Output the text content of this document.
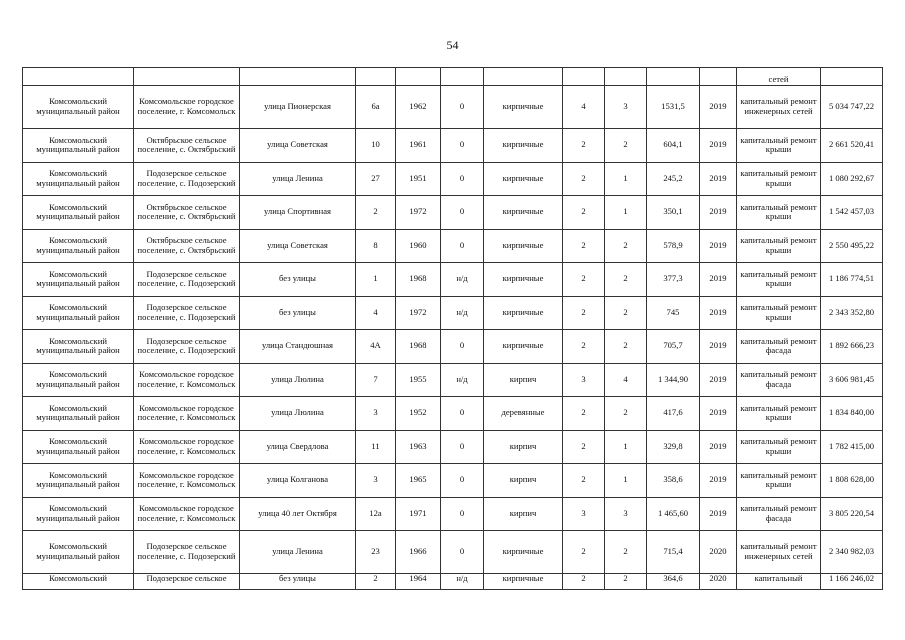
54
											сетей	
Комсомольский муниципальный район	Комсомольское городское поселение, г. Комсомольск	улица Пионерская	6а	1962	0	кирпичные	4	3	1531,5	2019	капитальный ремонт инженерных сетей	5 034 747,22
Комсомольский муниципальный район	Октябрьское сельское поселение, с. Октябрьский	улица Советская	10	1961	0	кирпичные	2	2	604,1	2019	капитальный ремонт крыши	2 661 520,41
Комсомольский муниципальный район	Подозерское сельское поселение, с. Подозерский	улица Ленина	27	1951	0	кирпичные	2	1	245,2	2019	капитальный ремонт крыши	1 080 292,67
Комсомольский муниципальный район	Октябрьское сельское поселение, с. Октябрьский	улица Спортивная	2	1972	0	кирпичные	2	1	350,1	2019	капитальный ремонт крыши	1 542 457,03
Комсомольский муниципальный район	Октябрьское сельское поселение, с. Октябрьский	улица Советская	8	1960	0	кирпичные	2	2	578,9	2019	капитальный ремонт крыши	2 550 495,22
Комсомольский муниципальный район	Подозерское сельское поселение, с. Подозерский	без улицы	1	1968	н/д	кирпичные	2	2	377,3	2019	капитальный ремонт крыши	1 186 774,51
Комсомольский муниципальный район	Подозерское сельское поселение, с. Подозерский	без улицы	4	1972	н/д	кирпичные	2	2	745	2019	капитальный ремонт крыши	2 343 352,80
Комсомольский муниципальный район	Подозерское сельское поселение, с. Подозерский	улица Стандюшная	4А	1968	0	кирпичные	2	2	705,7	2019	капитальный ремонт фасада	1 892 666,23
Комсомольский муниципальный район	Комсомольское городское поселение, г. Комсомольск	улица Люлина	7	1955	н/д	кирпич	3	4	1 344,90	2019	капитальный ремонт фасада	3 606 981,45
Комсомольский муниципальный район	Комсомольское городское поселение, г. Комсомольск	улица Люлина	3	1952	0	деревянные	2	2	417,6	2019	капитальный ремонт крыши	1 834 840,00
Комсомольский муниципальный район	Комсомольское городское поселение, г. Комсомольск	улица Свердлова	11	1963	0	кирпич	2	1	329,8	2019	капитальный ремонт крыши	1 782 415,00
Комсомольский муниципальный район	Комсомольское городское поселение, г. Комсомольск	улица Колганова	3	1965	0	кирпич	2	1	358,6	2019	капитальный ремонт крыши	1 808 628,00
Комсомольский муниципальный район	Комсомольское городское поселение, г. Комсомольск	улица 40 лет Октября	12а	1971	0	кирпич	3	3	1 465,60	2019	капитальный ремонт фасада	3 805 220,54
Комсомольский муниципальный район	Подозерское сельское поселение, с. Подозерский	улица Ленина	23	1966	0	кирпичные	2	2	715,4	2020	капитальный ремонт инженерных сетей	2 340 982,03
Комсомольский	Подозерское сельское	без улицы	2	1964	н/д	кирпичные	2	2	364,6	2020	капитальный	1 166 246,02
